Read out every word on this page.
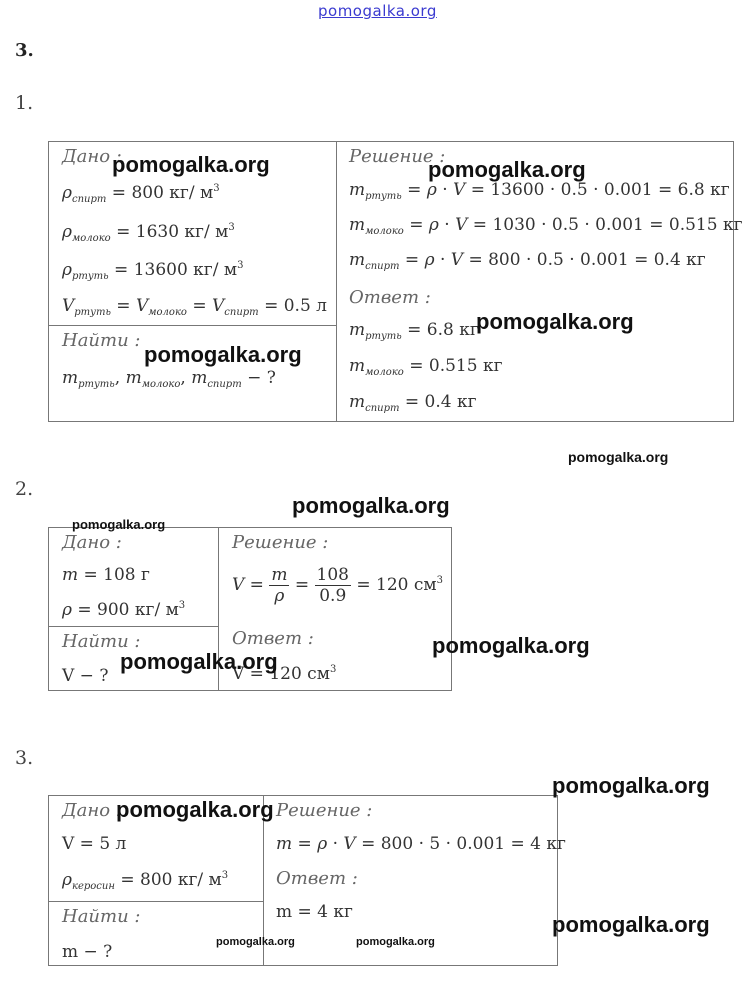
pomogalka.org
3.
1.
Дано :
$\rho_{спирт} = 800$ кг/ $м^3$
$\rho_{молоко} = 1630$ кг/ $м^3$
$\rho_{ртуть} = 13600$ кг/ $м^3$
$V_{ртуть} = V_{молоко} = V_{спирт} = 0.5$ л
Найти :
$m_{ртуть}$, $m_{молоко}$, $m_{спирт}$ − ?
Решение :
$m_{ртуть} = \rho \cdot V = 13600 \cdot 0.5 \cdot 0.001 = 6.8$ кг
$m_{молоко} = \rho \cdot V = 1030 \cdot 0.5 \cdot 0.001 = 0.515$ кг
$m_{спирт} = \rho \cdot V = 800 \cdot 0.5 \cdot 0.001 = 0.4$ кг
Ответ :
$m_{ртуть} = 6.8$ кг
$m_{молоко} = 0.515$ кг
$m_{спирт} = 0.4$ кг
2.
Дано :
m = 108 г
ρ = 900 кг/ $м^3$
Найти :
V − ?
Решение :
$V = \frac{m}{\rho} = \frac{108}{0.9} = 120$ $см^3$
Ответ :
V = 120 $см^3$
3.
Дано :
V = 5 л
$\rho_{керосин} = 800$ кг/ $м^3$
Найти :
m − ?
Решение :
m = ρ · V = 800 · 5 · 0.001 = 4 кг
Ответ :
m = 4 кг
pomogalka.org	pomogalka.org
pomogalka.org
pomogalka.org
pomogalka.org
pomogalka.org
pomogalka.org
pomogalka.org
pomogalka.org
pomogalka.org
pomogalka.org
pomogalka.org
pomogalka.org	pomogalka.org
